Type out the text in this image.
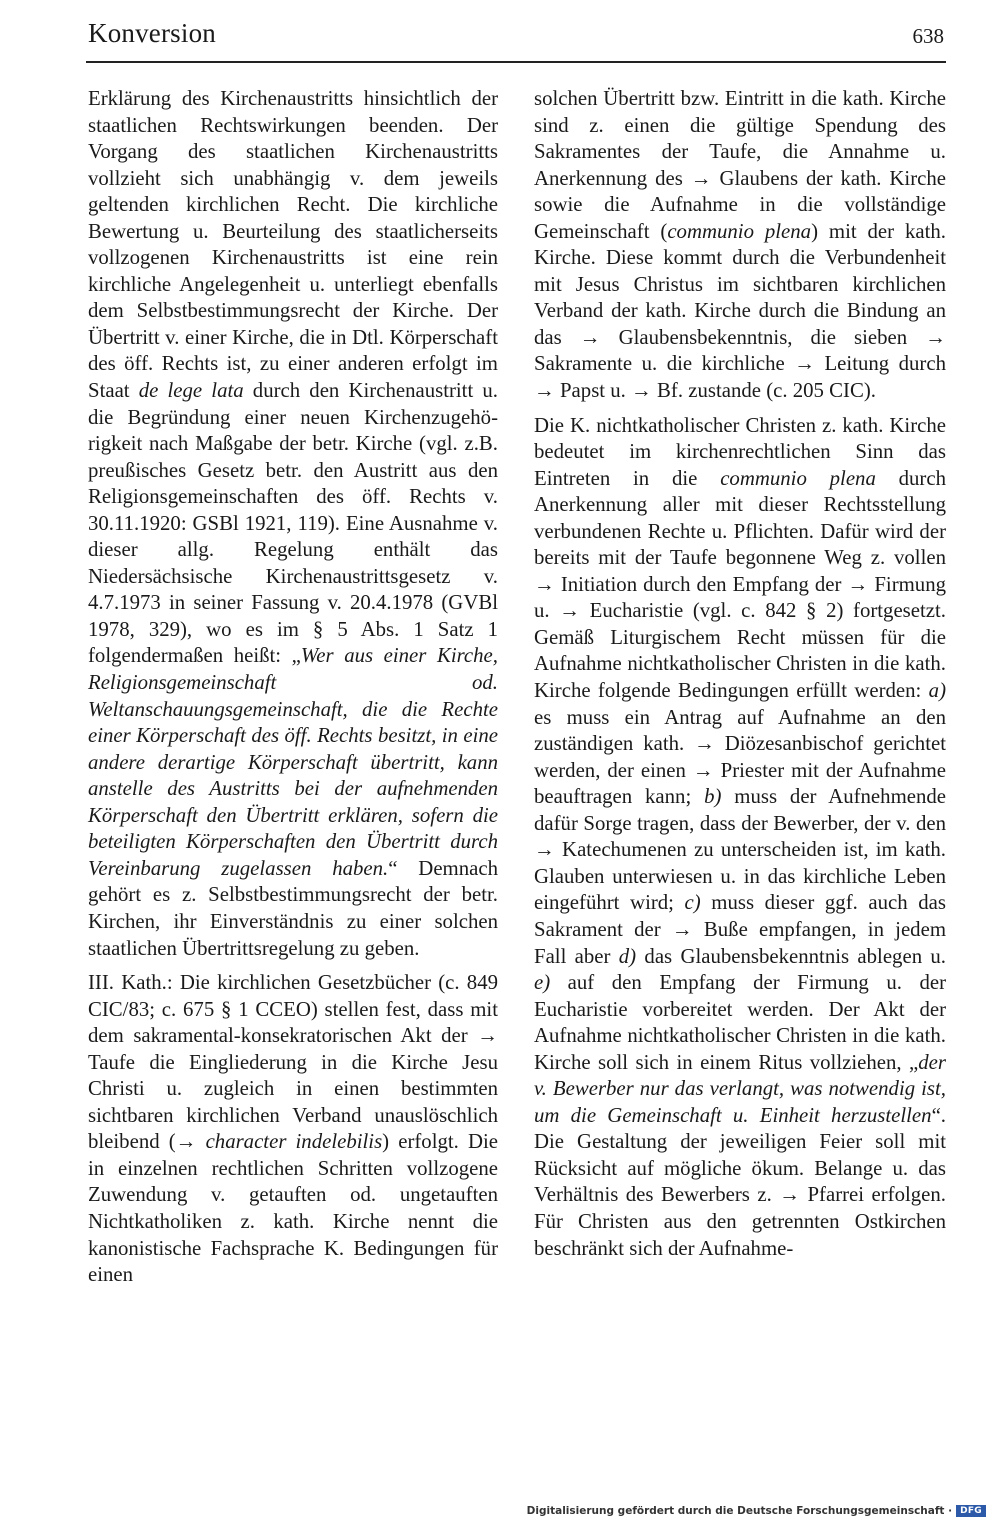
Konversion	638

Erklärung des Kirchenaustritts hinsichtlich der staatlichen Rechtswirkungen beenden. Der Vorgang des staatlichen Kirchenaustritts vollzieht sich unabhängig v. dem jeweils geltenden kirchlichen Recht. Die kirchliche Bewertung u. Beurteilung des staatlicherseits vollzogenen Kirchenaustritts ist eine rein kirchliche Angelegenheit u. unterliegt ebenfalls dem Selbstbestimmungsrecht der Kirche. Der Übertritt v. einer Kirche, die in Dtl. Körperschaft des öff. Rechts ist, zu einer anderen erfolgt im Staat de lege lata durch den Kirchenaustritt u. die Begründung einer neuen Kirchenzugehörigkeit nach Maßgabe der betr. Kirche (vgl. z.B. preußisches Gesetz betr. den Austritt aus den Religionsgemeinschaften des öff. Rechts v. 30.11.1920: GSBl 1921, 119). Eine Ausnahme v. dieser allg. Regelung enthält das Niedersächsische Kirchenaustrittsgesetz v. 4.7.1973 in seiner Fassung v. 20.4.1978 (GVBl 1978, 329), wo es im § 5 Abs. 1 Satz 1 folgendermaßen heißt: „Wer aus einer Kirche, Religionsgemeinschaft od. Weltanschauungsgemeinschaft, die die Rechte einer Körperschaft des öff. Rechts besitzt, in eine andere derartige Körperschaft übertritt, kann anstelle des Austritts bei der aufnehmenden Körperschaft den Übertritt erklären, sofern die beteiligten Körperschaften den Übertritt durch Vereinbarung zugelassen haben.“ Demnach gehört es z. Selbstbestimmungsrecht der betr. Kirchen, ihr Einverständnis zu einer solchen staatlichen Übertrittsregelung zu geben.

III. Kath.: Die kirchlichen Gesetzbücher (c. 849 CIC/83; c. 675 § 1 CCEO) stellen fest, dass mit dem sakramental-konsekratorischen Akt der → Taufe die Eingliederung in die Kirche Jesu Christi u. zugleich in einen bestimmten sichtbaren kirchlichen Verband unauslöschlich bleibend (→ character indelebilis) erfolgt. Die in einzelnen rechtlichen Schritten vollzogene Zuwendung v. getauften od. ungetauften Nichtkatholiken z. kath. Kirche nennt die kanonistische Fachsprache K. Bedingungen für einen

solchen Übertritt bzw. Eintritt in die kath. Kirche sind z. einen die gültige Spendung des Sakramentes der Taufe, die Annahme u. Anerkennung des → Glaubens der kath. Kirche sowie die Aufnahme in die vollständige Gemeinschaft (communio plena) mit der kath. Kirche. Diese kommt durch die Verbundenheit mit Jesus Christus im sichtbaren kirchlichen Verband der kath. Kirche durch die Bindung an das → Glaubensbekenntnis, die sieben → Sakramente u. die kirchliche → Leitung durch → Papst u. → Bf. zustande (c. 205 CIC).

Die K. nichtkatholischer Christen z. kath. Kirche bedeutet im kirchenrechtlichen Sinn das Eintreten in die communio plena durch Anerkennung aller mit dieser Rechtsstellung verbundenen Rechte u. Pflichten. Dafür wird der bereits mit der Taufe begonnene Weg z. vollen → Initiation durch den Empfang der → Firmung u. → Eucharistie (vgl. c. 842 § 2) fortgesetzt. Gemäß Liturgischem Recht müssen für die Aufnahme nichtkatholischer Christen in die kath. Kirche folgende Bedingungen erfüllt werden: a) es muss ein Antrag auf Aufnahme an den zuständigen kath. → Diözesanbischof gerichtet werden, der einen → Priester mit der Aufnahme beauftragen kann; b) muss der Aufnehmende dafür Sorge tragen, dass der Bewerber, der v. den → Katechumenen zu unterscheiden ist, im kath. Glauben unterwiesen u. in das kirchliche Leben eingeführt wird; c) muss dieser ggf. auch das Sakrament der → Buße empfangen, in jedem Fall aber d) das Glaubensbekenntnis ablegen u. e) auf den Empfang der Firmung u. der Eucharistie vorbereitet werden. Der Akt der Aufnahme nichtkatholischer Christen in die kath. Kirche soll sich in einem Ritus vollziehen, „der v. Bewerber nur das verlangt, was notwendig ist, um die Gemeinschaft u. Einheit herzustellen“. Die Gestaltung der jeweiligen Feier soll mit Rücksicht auf mögliche ökum. Belange u. das Verhältnis des Bewerbers z. → Pfarrei erfolgen. Für Christen aus den getrennten Ostkirchen beschränkt sich der Aufnahme-

Digitalisierung gefördert durch die Deutsche Forschungsgemeinschaft · DFG
